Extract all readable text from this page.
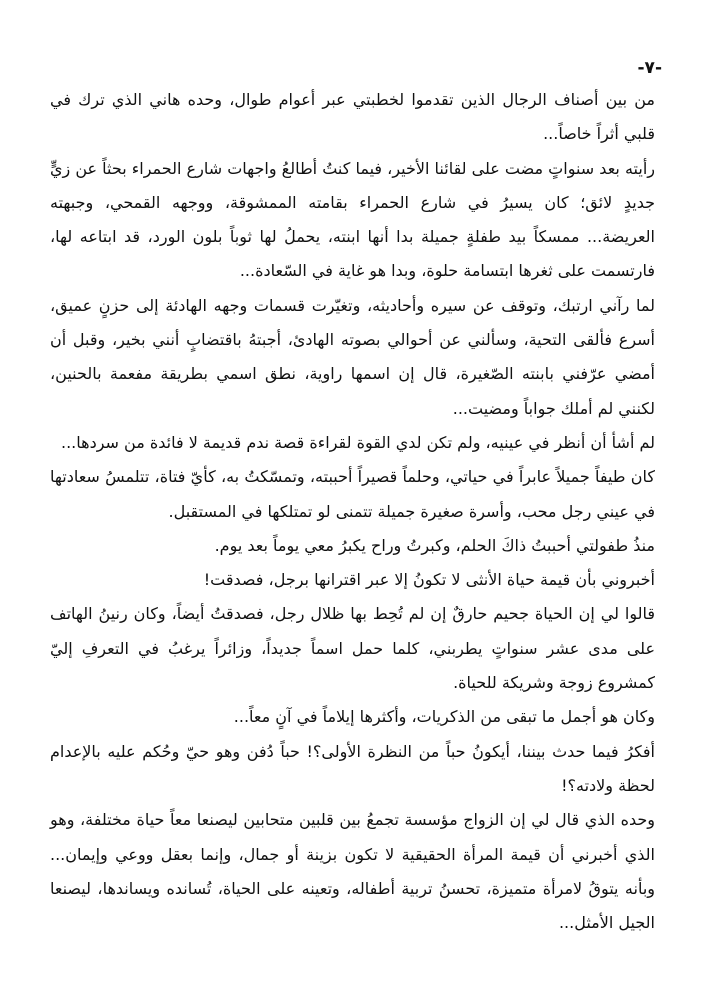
-٧-

من بين أصناف الرجال الذين تقدموا لخطبتي عبر أعوام طوال، وحده هاني الذي ترك في قلبي أثراً خاصاً...

رأيته بعد سنواتٍ مضت على لقائنا الأخير، فيما كنتُ أطالعُ واجهات شارع الحمراء بحثاً عن زيٍّ جديدٍ لائق؛ كان يسيرُ في شارع الحمراء بقامته الممشوقة، ووجهه القمحي، وجبهته العريضة... ممسكاً بيد طفلةٍ جميلة بدا أنها ابنته، يحملُ لها ثوباً بلون الورد، قد ابتاعه لها، فارتسمت على ثغرها ابتسامة حلوة، وبدا هو غاية في السّعادة...

لما رآني ارتبك، وتوقف عن سيره وأحاديثه، وتغيّرت قسمات وجهه الهادئة إلى حزنٍ عميق، أسرع فألقى التحية، وسألني عن أحوالي بصوته الهادئ، أجبتهُ باقتضابٍ أنني بخير، وقبل أن أمضي عرّفني بابنته الصّغيرة، قال إن اسمها راوية، نطق اسمي بطريقة مفعمة بالحنين، لكنني لم أملك جواباً ومضيت...

لم أشأ أن أنظر في عينيه، ولم تكن لدي القوة لقراءة قصة ندم قديمة لا فائدة من سردها...

كان طيفاً جميلاً عابراً في حياتي، وحلماً قصيراً أحببته، وتمسّكتُ به، كأيّ فتاة، تتلمسُ سعادتها في عيني رجل محب، وأسرة صغيرة جميلة تتمنى لو تمتلكها في المستقبل.

منذُ طفولتي أحببتُ ذاكَ الحلم، وكبرتُ وراح يكبرُ معي يوماً بعد يوم.

أخبروني بأن قيمة حياة الأنثى لا تكونُ إلا عبر اقترانها برجل، فصدقت!

قالوا لي إن الحياة جحيم حارقٌ إن لم تُحِط بها ظلال رجل، فصدقتُ أيضاً، وكان رنينُ الهاتف على مدى عشر سنواتٍ يطربني، كلما حمل اسماً جديداً، وزائراً يرغبُ في التعرفِ إليّ كمشروع زوجة وشريكة للحياة.

وكان هو أجمل ما تبقى من الذكريات، وأكثرها إيلاماً في آنٍ معاً...

أفكرُ فيما حدث بيننا، أيكونُ حباً من النظرة الأولى؟! حباً دُفن وهو حيّ وحُكم عليه بالإعدام لحظة ولادته؟!

وحده الذي قال لي إن الزواج مؤسسة تجمعُ بين قلبين متحابين ليصنعا معاً حياة مختلفة، وهو الذي أخبرني أن قيمة المرأة الحقيقية لا تكون بزينة أو جمال، وإنما بعقل ووعي وإيمان... وبأنه يتوقُ لامرأة متميزة، تحسنُ تربية أطفاله، وتعينه على الحياة، تُسانده ويساندها، ليصنعا الجيل الأمثل...
